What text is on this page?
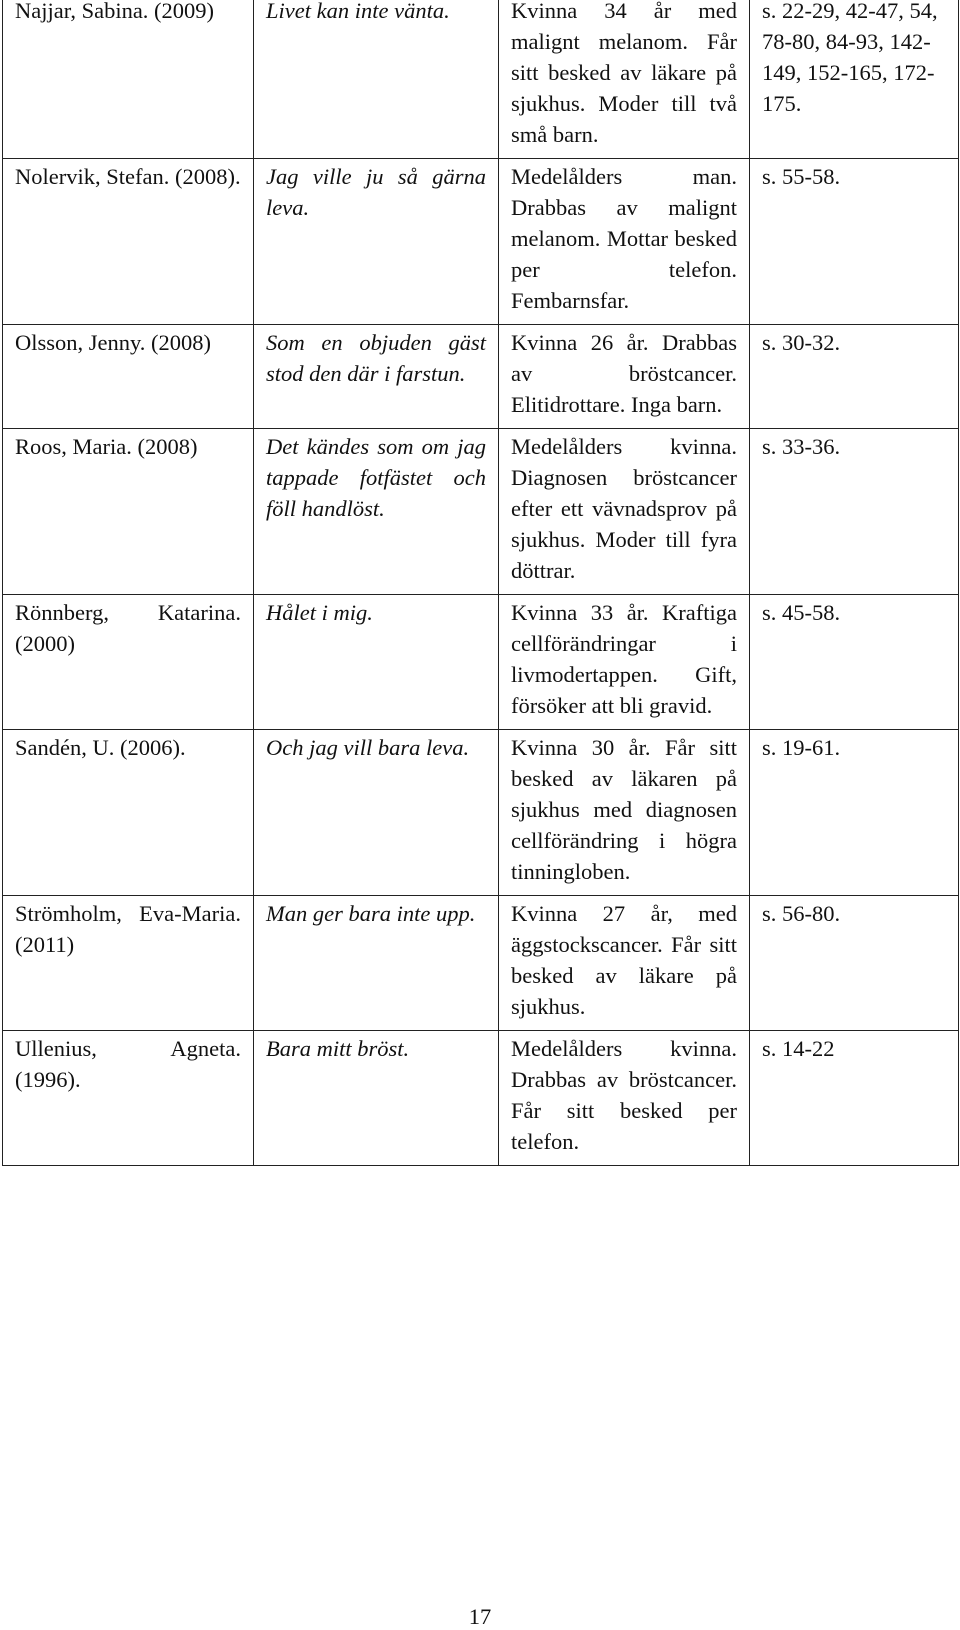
Najjar, Sabina. (2009)	Livet kan inte vänta.	Kvinna 34 år med malignt melanom. Får sitt besked av läkare på sjukhus. Moder till två små barn.	s. 22-29, 42-47, 54, 78-80, 84-93, 142-149, 152-165, 172-175.

Nolervik, Stefan. (2008).	Jag ville ju så gärna leva.	Medelålders man. Drabbas av malignt melanom. Mottar besked per telefon. Fembarnsfar.	s. 55-58.

Olsson, Jenny. (2008)	Som en objuden gäst stod den där i farstun.	Kvinna 26 år. Drabbas av bröstcancer. Elitidrottare. Inga barn.	s. 30-32.

Roos, Maria. (2008)	Det kändes som om jag tappade fotfästet och föll handlöst.	Medelålders kvinna. Diagnosen bröstcancer efter ett vävnadsprov på sjukhus. Moder till fyra döttrar.	s. 33-36.

Rönnberg, Katarina. (2000)	Hålet i mig.	Kvinna 33 år. Kraftiga cellförändringar i livmodertappen. Gift, försöker att bli gravid.	s. 45-58.

Sandén, U. (2006).	Och jag vill bara leva.	Kvinna 30 år. Får sitt besked av läkaren på sjukhus med diagnosen cellförändring i högra tinningloben.	s. 19-61.

Strömholm, Eva-Maria. (2011)	Man ger bara inte upp.	Kvinna 27 år, med äggstockscancer. Får sitt besked av läkare på sjukhus.	s. 56-80.

Ullenius, Agneta. (1996).	Bara mitt bröst.	Medelålders kvinna. Drabbas av bröstcancer. Får sitt besked per telefon.	s. 14-22
17
